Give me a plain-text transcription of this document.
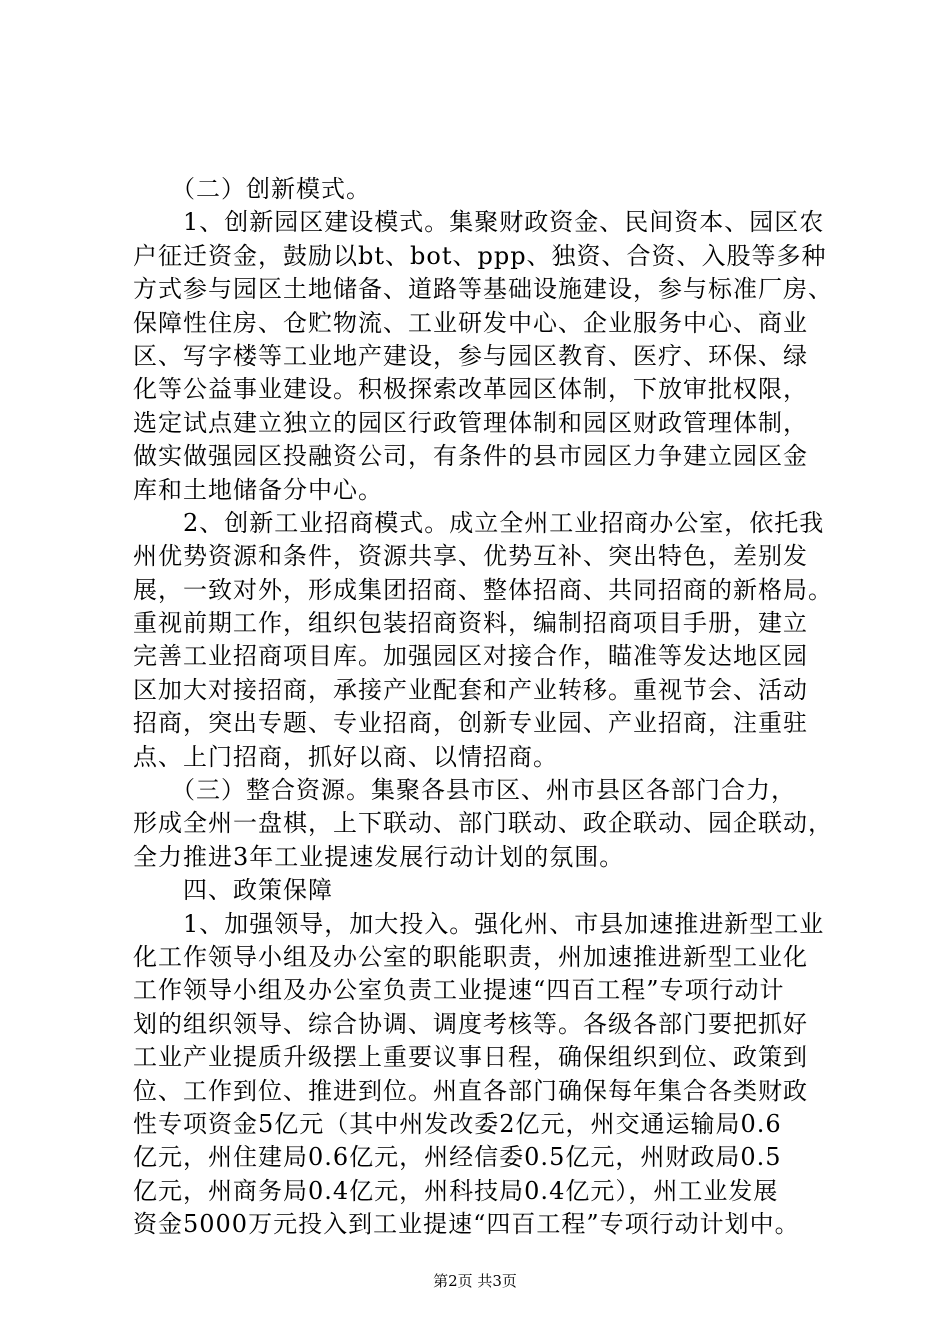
　　（二）创新模式。
　　1、创新园区建设模式。集聚财政资金、民间资本、园区农
户征迁资金，鼓励以bt、bot、ppp、独资、合资、入股等多种
方式参与园区土地储备、道路等基础设施建设，参与标准厂房、
保障性住房、仓贮物流、工业研发中心、企业服务中心、商业
区、写字楼等工业地产建设，参与园区教育、医疗、环保、绿
化等公益事业建设。积极探索改革园区体制，下放审批权限，
选定试点建立独立的园区行政管理体制和园区财政管理体制，
做实做强园区投融资公司，有条件的县市园区力争建立园区金
库和土地储备分中心。
　　2、创新工业招商模式。成立全州工业招商办公室，依托我
州优势资源和条件，资源共享、优势互补、突出特色，差别发
展，一致对外，形成集团招商、整体招商、共同招商的新格局。
重视前期工作，组织包装招商资料，编制招商项目手册，建立
完善工业招商项目库。加强园区对接合作，瞄准等发达地区园
区加大对接招商，承接产业配套和产业转移。重视节会、活动
招商，突出专题、专业招商，创新专业园、产业招商，注重驻
点、上门招商，抓好以商、以情招商。
　　（三）整合资源。集聚各县市区、州市县区各部门合力，
形成全州一盘棋，上下联动、部门联动、政企联动、园企联动，
全力推进3年工业提速发展行动计划的氛围。
　　四、政策保障
　　1、加强领导，加大投入。强化州、市县加速推进新型工业
化工作领导小组及办公室的职能职责，州加速推进新型工业化
工作领导小组及办公室负责工业提速“四百工程”专项行动计
划的组织领导、综合协调、调度考核等。各级各部门要把抓好
工业产业提质升级摆上重要议事日程，确保组织到位、政策到
位、工作到位、推进到位。州直各部门确保每年集合各类财政
性专项资金5亿元（其中州发改委2亿元，州交通运输局0.6
亿元，州住建局0.6亿元，州经信委0.5亿元，州财政局0.5
亿元，州商务局0.4亿元，州科技局0.4亿元），州工业发展
资金5000万元投入到工业提速“四百工程”专项行动计划中。
第2页 共3页
